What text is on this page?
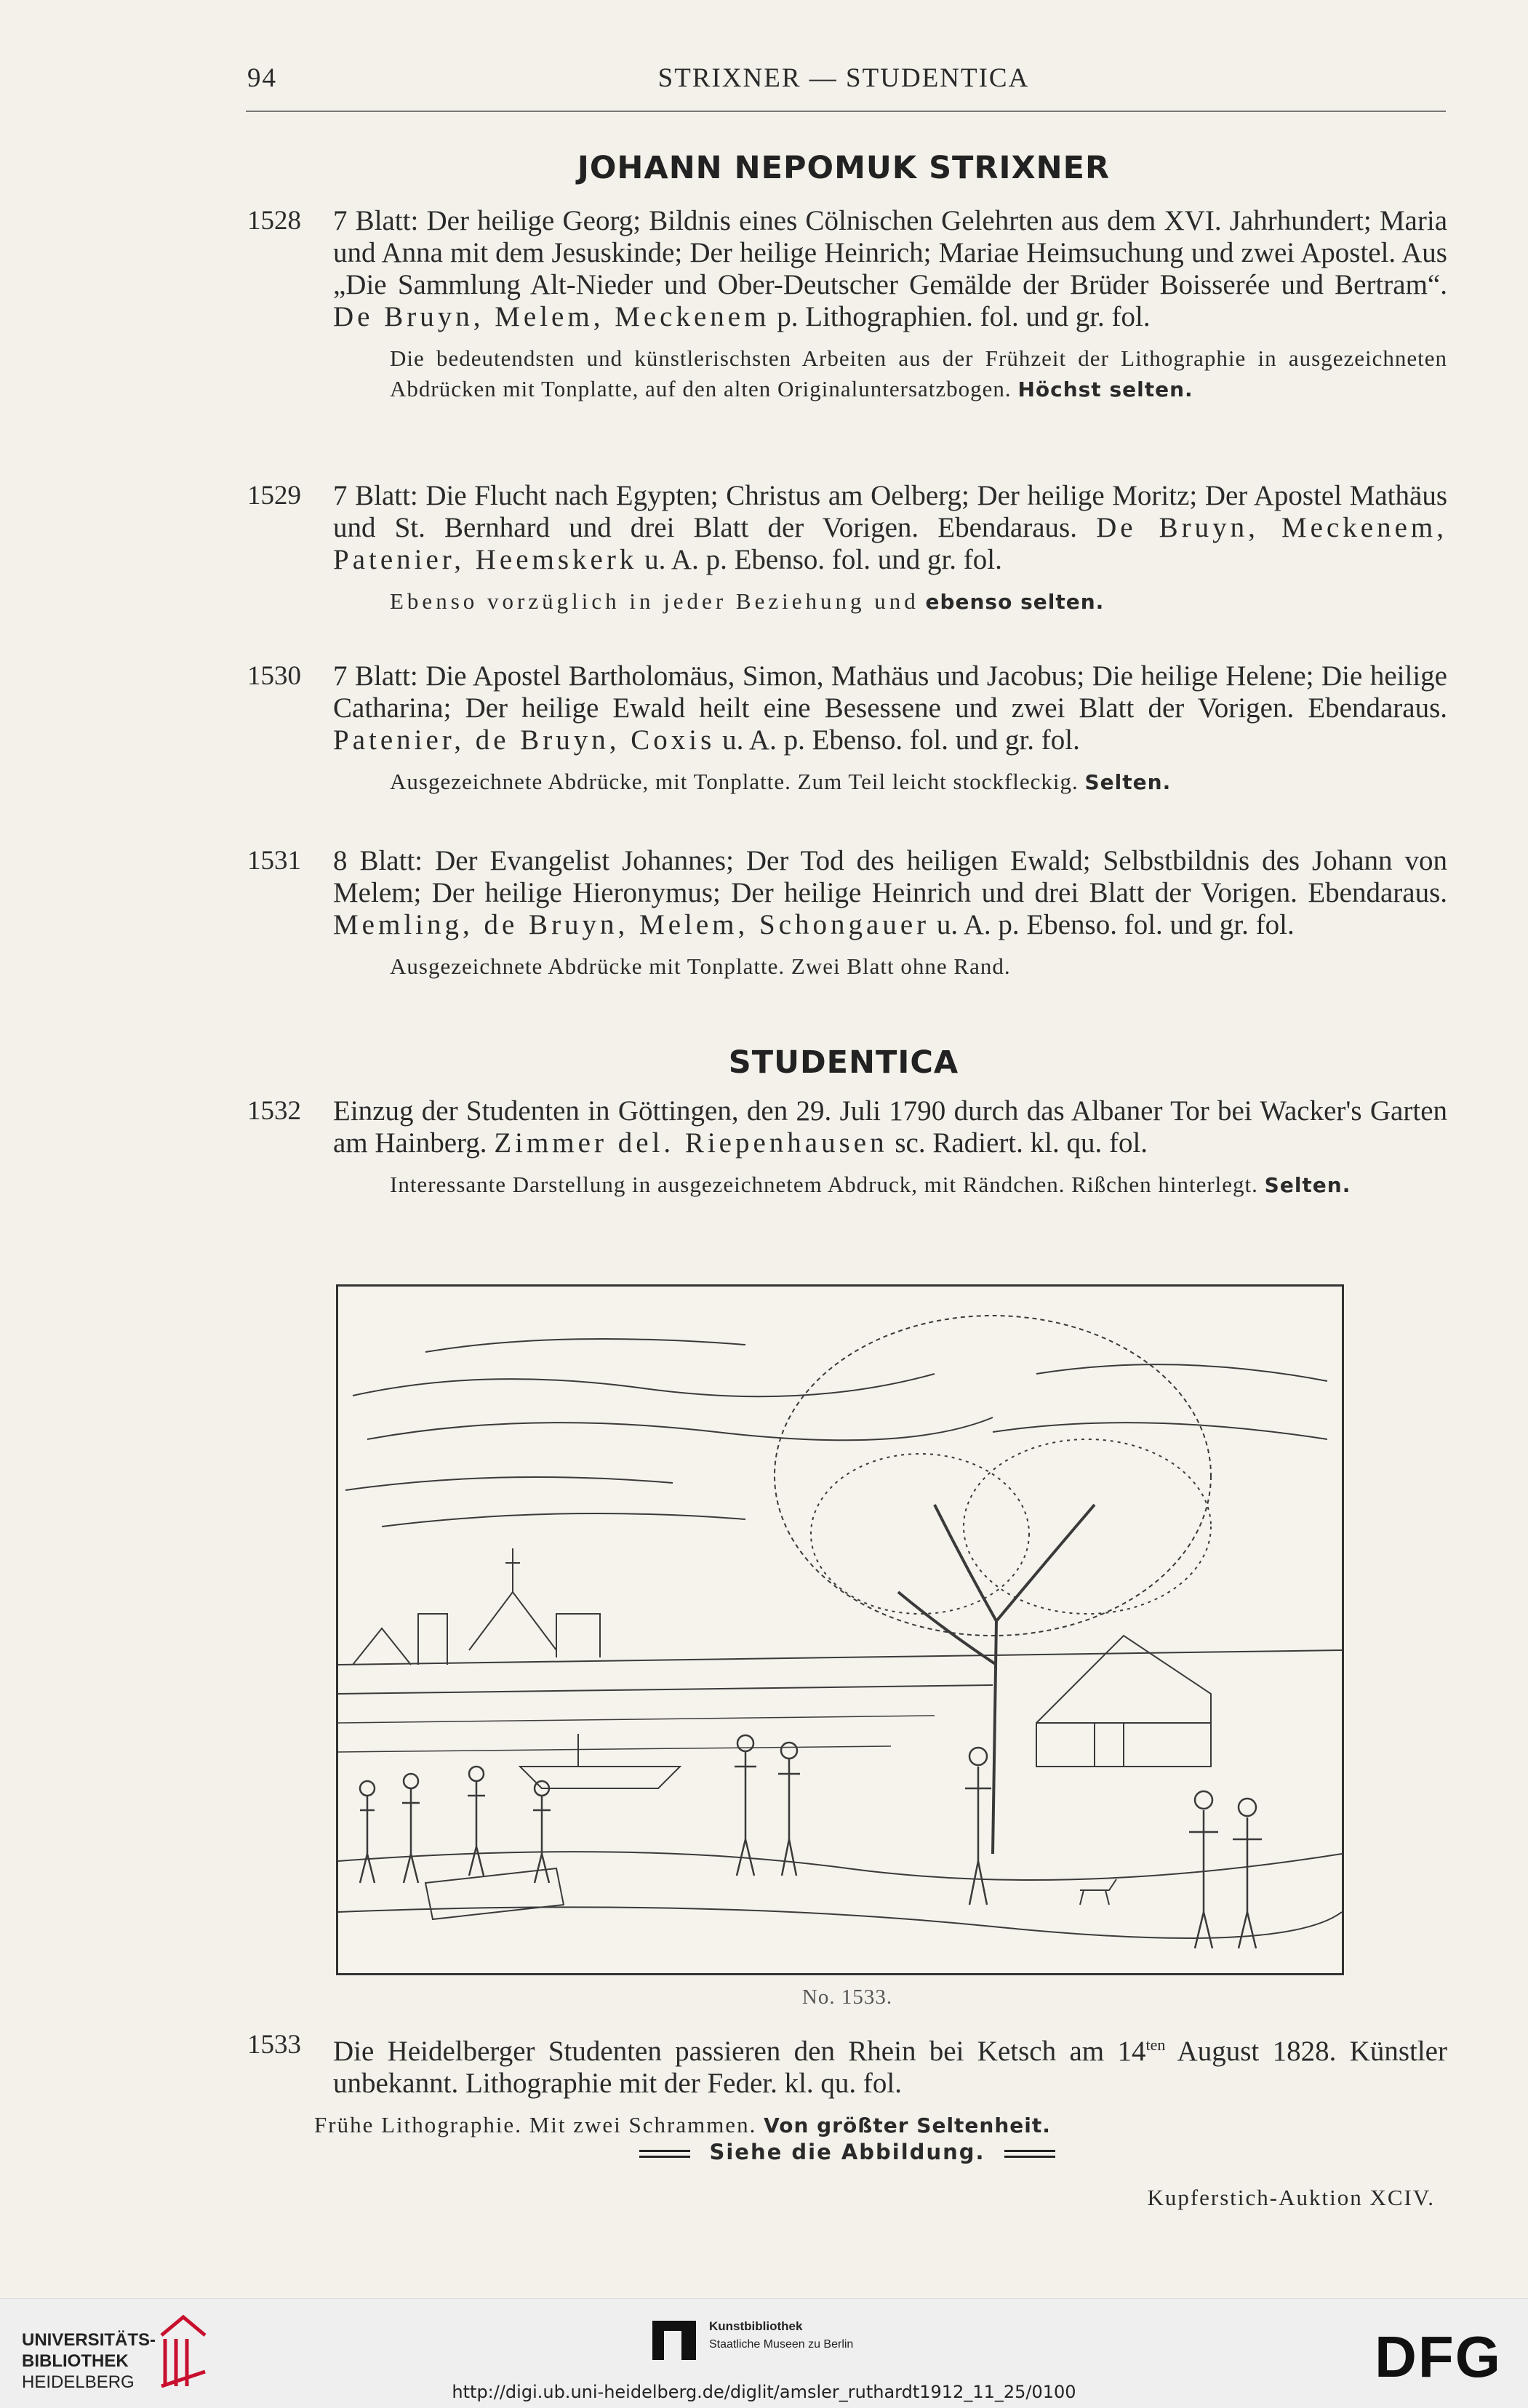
94	STRIXNER — STUDENTICA
JOHANN NEPOMUK STRIXNER
1528 7 Blatt: Der heilige Georg; Bildnis eines Cölnischen Gelehrten aus dem XVI. Jahrhundert; Maria und Anna mit dem Jesuskinde; Der heilige Heinrich; Mariae Heimsuchung und zwei Apostel. Aus „Die Sammlung Alt-Nieder und Ober-Deutscher Gemälde der Brüder Boisserée und Bertram“. De Bruyn, Melem, Meckenem p. Lithographien. fol. und gr. fol.
Die bedeutendsten und künstlerischsten Arbeiten aus der Frühzeit der Lithographie in ausgezeichneten Abdrücken mit Tonplatte, auf den alten Originaluntersatzbogen. Höchst selten.
1529 7 Blatt: Die Flucht nach Egypten; Christus am Oelberg; Der heilige Moritz; Der Apostel Mathäus und St. Bernhard und drei Blatt der Vorigen. Ebendaraus. De Bruyn, Meckenem, Patenier, Heemskerk u. A. p. Ebenso. fol. und gr. fol.
Ebenso vorzüglich in jeder Beziehung und ebenso selten.
1530 7 Blatt: Die Apostel Bartholomäus, Simon, Mathäus und Jacobus; Die heilige Helene; Die heilige Catharina; Der heilige Ewald heilt eine Besessene und zwei Blatt der Vorigen. Ebendaraus. Patenier, de Bruyn, Coxis u. A. p. Ebenso. fol. und gr. fol.
Ausgezeichnete Abdrücke, mit Tonplatte. Zum Teil leicht stockfleckig. Selten.
1531 8 Blatt: Der Evangelist Johannes; Der Tod des heiligen Ewald; Selbstbildnis des Johann von Melem; Der heilige Hieronymus; Der heilige Heinrich und drei Blatt der Vorigen. Ebendaraus. Memling, de Bruyn, Melem, Schongauer u. A. p. Ebenso. fol. und gr. fol.
Ausgezeichnete Abdrücke mit Tonplatte. Zwei Blatt ohne Rand.
STUDENTICA
1532 Einzug der Studenten in Göttingen, den 29. Juli 1790 durch das Albaner Tor bei Wacker's Garten am Hainberg. Zimmer del. Riepenhausen sc. Radiert. kl. qu. fol.
Interessante Darstellung in ausgezeichnetem Abdruck, mit Rändchen. Rißchen hinterlegt. Selten.
No. 1533.
1533 Die Heidelberger Studenten passieren den Rhein bei Ketsch am $14^{ten}$ August 1828. Künstler unbekannt. Lithographie mit der Feder. kl. qu. fol.
Frühe Lithographie. Mit zwei Schrammen. Von größter Seltenheit.
Siehe die Abbildung.
Kupferstich-Auktion XCIV.
UNIVERSITÄTS-
BIBLIOTHEK
HEIDELBERG
Kunstbibliothek
Staatliche Museen zu Berlin	DFG
http://digi.ub.uni-heidelberg.de/diglit/amsler_ruthardt1912_11_25/0100
